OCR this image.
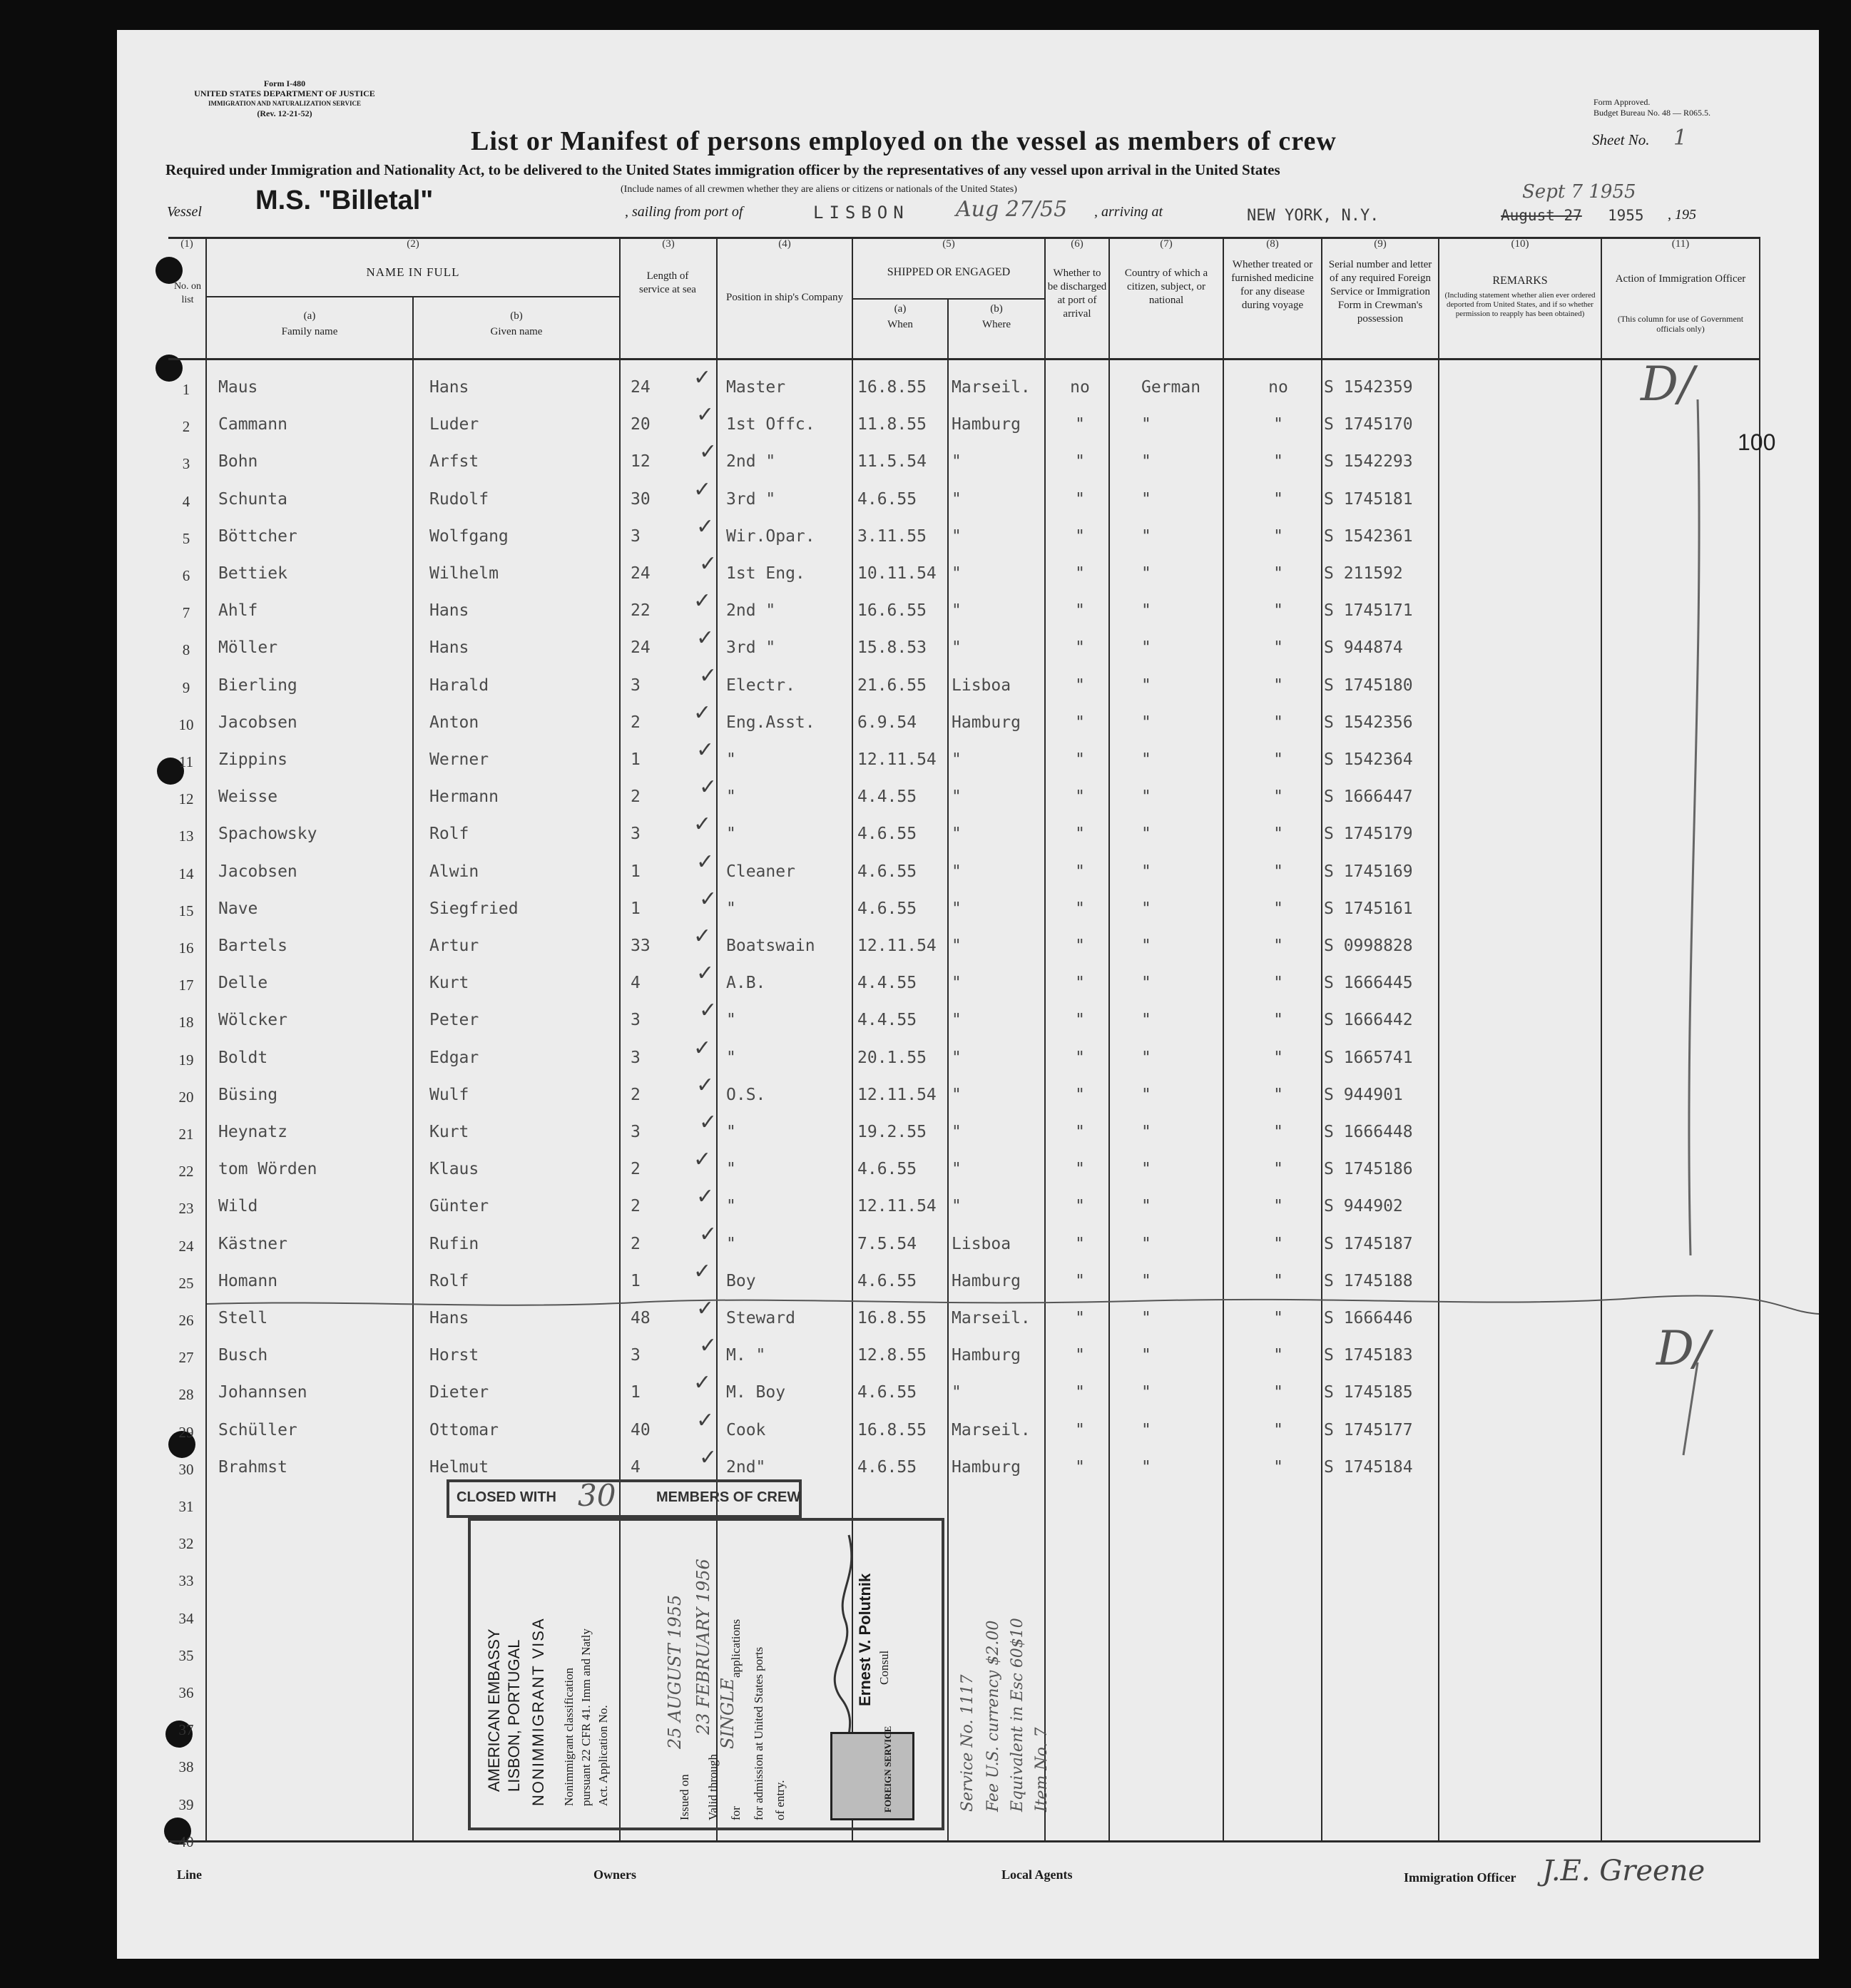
Form I-480
UNITED STATES DEPARTMENT OF JUSTICE
IMMIGRATION AND NATURALIZATION SERVICE
(Rev. 12-21-52)
Form Approved.
Budget Bureau No. 48 — R065.5.
Sheet No. 1
List or Manifest of persons employed on the vessel as members of crew
Required under Immigration and Nationality Act, to be delivered to the United States immigration officer by the representatives of any vessel upon arrival in the United States
(Include names of all crewmen whether they are aliens or citizens or nationals of the United States)
Vessel M.S. "Billetal"	, sailing from port of	LISBON Aug 27/55 , arriving at	NEW YORK, N.Y.
Sept 7 1955
August 27 1955 , 195
(1)	(2)	(3)	(4)	(5)	(6)	(7)	(8)	(9)	(10)	(11)
No. on list
NAME IN FULL
(a)
Family name
(b)
Given name
Length of service at sea
Position in ship's Company
SHIPPED OR ENGAGED
(a)
When
(b)
Where
Whether to be discharged at port of arrival
Country of which a citizen, subject, or national
Whether treated or furnished medicine for any disease during voyage
Serial number and letter of any required Foreign Service or Immigration Form in Crewman's possession
REMARKS
(Including statement whether alien ever ordered deported from United States, and if so whether permission to reapply has been obtained)
Action of Immigration Officer
(This column for use of Government officials only)
1	Maus	Hans	24	Master	16.8.55 Marseil.	no	German	no	S 1542359
2	Cammann	Luder	20	1st Offc.	11.8.55 Hamburg	"	"	"	S 1745170
3	Bohn	Arfst	12	2nd "	11.5.54 "	"	"	"	S 1542293
4	Schunta	Rudolf	30	3rd "	4.6.55 "	"	"	"	S 1745181
5	Böttcher	Wolfgang	3	Wir.Opar.	3.11.55 "	"	"	"	S 1542361
6	Bettiek	Wilhelm	24	1st Eng.	10.11.54 "	"	"	"	S 211592
7	Ahlf	Hans	22	2nd "	16.6.55 "	"	"	"	S 1745171
8	Möller	Hans	24	3rd "	15.8.53 "	"	"	"	S 944874
9	Bierling	Harald	3	Electr.	21.6.55 Lisboa	"	"	"	S 1745180
10	Jacobsen	Anton	2	Eng.Asst.	6.9.54 Hamburg	"	"	"	S 1542356
11	Zippins	Werner	1	"	12.11.54 "	"	"	"	S 1542364
12	Weisse	Hermann	2	"	4.4.55 "	"	"	"	S 1666447
13	Spachowsky	Rolf	3	"	4.6.55 "	"	"	"	S 1745179
14	Jacobsen	Alwin	1	Cleaner	4.6.55 "	"	"	"	S 1745169
15	Nave	Siegfried	1	"	4.6.55 "	"	"	"	S 1745161
16	Bartels	Artur	33	Boatswain	12.11.54 "	"	"	"	S 0998828
17	Delle	Kurt	4	A.B.	4.4.55 "	"	"	"	S 1666445
18	Wölcker	Peter	3	"	4.4.55 "	"	"	"	S 1666442
19	Boldt	Edgar	3	"	20.1.55 "	"	"	"	S 1665741
20	Büsing	Wulf	2	O.S.	12.11.54 "	"	"	"	S 944901
21	Heynatz	Kurt	3	"	19.2.55 "	"	"	"	S 1666448
22	tom Wörden	Klaus	2	"	4.6.55 "	"	"	"	S 1745186
23	Wild	Günter	2	"	12.11.54 "	"	"	"	S 944902
24	Kästner	Rufin	2	"	7.5.54 Lisboa	"	"	"	S 1745187
25	Homann	Rolf	1	Boy	4.6.55 Hamburg	"	"	"	S 1745188
26	Stell	Hans	48	Steward	16.8.55 Marseil.	"	"	"	S 1666446
27	Busch	Horst	3	M. "	12.8.55 Hamburg	"	"	"	S 1745183
28	Johannsen	Dieter	1	M. Boy	4.6.55 "	"	"	"	S 1745185
29	Schüller	Ottomar	40	Cook	16.8.55 Marseil.	"	"	"	S 1745177
30	Brahmst	Helmut	4	2nd"	4.6.55 Hamburg	"	"	"	S 1745184
31
32
33
34
35
36
37
38
39
40
✓
✓
✓
✓
✓
✓
✓
✓
✓
✓
✓
✓
✓
✓
✓
✓
✓
✓
✓
✓
✓
✓
✓
✓
✓
✓
✓
✓
✓
✓
100
D/
D/
CLOSED WITH 30	MEMBERS OF CREW
AMERICAN EMBASSY LISBON, PORTUGAL NONIMMIGRANT VISA Nonimmigrant classification pursuant 22 CFR 41. Imm and Natly Act. Application No.	Issued on
25 AUGUST 1955
Valid through
23 FEBRUARY 1956
for
SINGLE
applications for admission at United States ports of entry.
Ernest V. Polutnik Consul
FOREIGN SERVICE	Service No. 1117 Fee U.S. currency $2.00 Equivalent in Esc 60$10 Item No. 7
Line	Owners	Local Agents	Immigration Officer J.E. Greene
